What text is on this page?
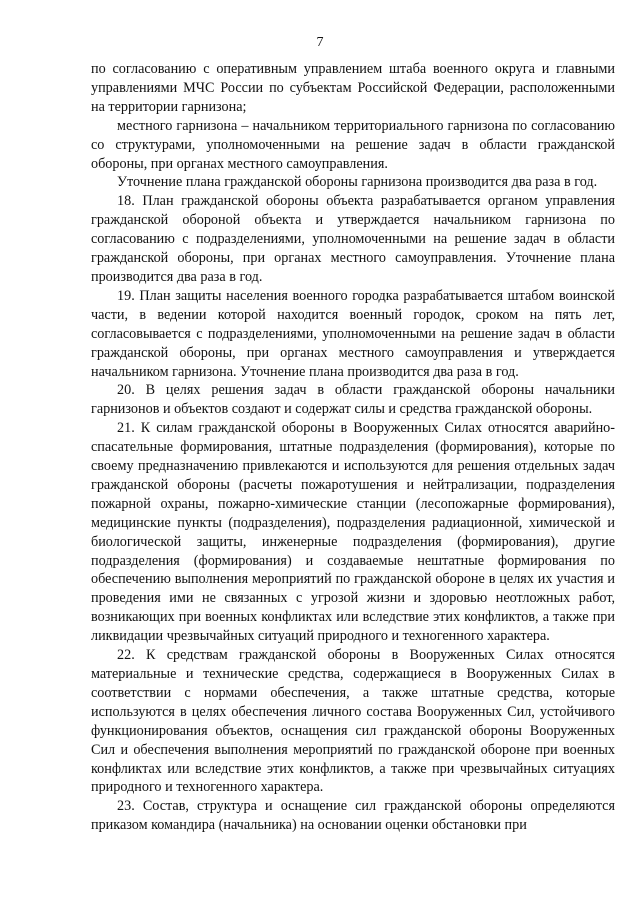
7

по согласованию с оперативным управлением штаба военного округа и главными управлениями МЧС России по субъектам Российской Федерации, расположенными на территории гарнизона;

местного гарнизона – начальником территориального гарнизона по согласованию со структурами, уполномоченными на решение задач в области гражданской обороны, при органах местного самоуправления.

Уточнение плана гражданской обороны гарнизона производится два раза в год.

18. План гражданской обороны объекта разрабатывается органом управления гражданской обороной объекта и утверждается начальником гарнизона по согласованию с подразделениями, уполномоченными на решение задач в области гражданской обороны, при органах местного самоуправления. Уточнение плана производится два раза в год.

19. План защиты населения военного городка разрабатывается штабом воинской части, в ведении которой находится военный городок, сроком на пять лет, согласовывается с подразделениями, уполномоченными на решение задач в области гражданской обороны, при органах местного самоуправления и утверждается начальником гарнизона. Уточнение плана производится два раза в год.

20. В целях решения задач в области гражданской обороны начальники гарнизонов и объектов создают и содержат силы и средства гражданской обороны.

21. К силам гражданской обороны в Вооруженных Силах относятся аварийно-спасательные формирования, штатные подразделения (формирования), которые по своему предназначению привлекаются и используются для решения отдельных задач гражданской обороны (расчеты пожаротушения и нейтрализации, подразделения пожарной охраны, пожарно-химические станции (лесопожарные формирования), медицинские пункты (подразделения), подразделения радиационной, химической и биологической защиты, инженерные подразделения (формирования), другие подразделения (формирования) и создаваемые нештатные формирования по обеспечению выполнения мероприятий по гражданской обороне в целях их участия и проведения ими не связанных с угрозой жизни и здоровью неотложных работ, возникающих при военных конфликтах или вследствие этих конфликтов, а также при ликвидации чрезвычайных ситуаций природного и техногенного характера.

22. К средствам гражданской обороны в Вооруженных Силах относятся материальные и технические средства, содержащиеся в Вооруженных Силах в соответствии с нормами обеспечения, а также штатные средства, которые используются в целях обеспечения личного состава Вооруженных Сил, устойчивого функционирования объектов, оснащения сил гражданской обороны Вооруженных Сил и обеспечения выполнения мероприятий по гражданской обороне при военных конфликтах или вследствие этих конфликтов, а также при чрезвычайных ситуациях природного и техногенного характера.

23. Состав, структура и оснащение сил гражданской обороны определяются приказом командира (начальника) на основании оценки обстановки при
